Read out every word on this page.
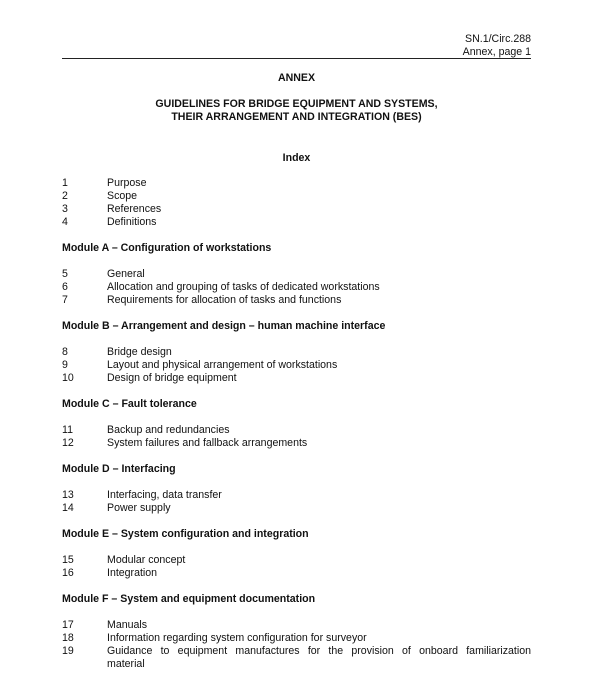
SN.1/Circ.288
Annex, page 1
ANNEX
GUIDELINES FOR BRIDGE EQUIPMENT AND SYSTEMS,
THEIR ARRANGEMENT AND INTEGRATION (BES)
Index
1	Purpose
2	Scope
3	References
4	Definitions
Module A – Configuration of workstations
5	General
6	Allocation and grouping of tasks of dedicated workstations
7	Requirements for allocation of tasks and functions
Module B – Arrangement and design – human machine interface
8	Bridge design
9	Layout and physical arrangement of workstations
10	Design of bridge equipment
Module C – Fault tolerance
11	Backup and redundancies
12	System failures and fallback arrangements
Module D – Interfacing
13	Interfacing, data transfer
14	Power supply
Module E – System configuration and integration
15	Modular concept
16	Integration
Module F – System and equipment documentation
17	Manuals
18	Information regarding system configuration for surveyor
19	Guidance to equipment manufactures for the provision of onboard familiarization
material
